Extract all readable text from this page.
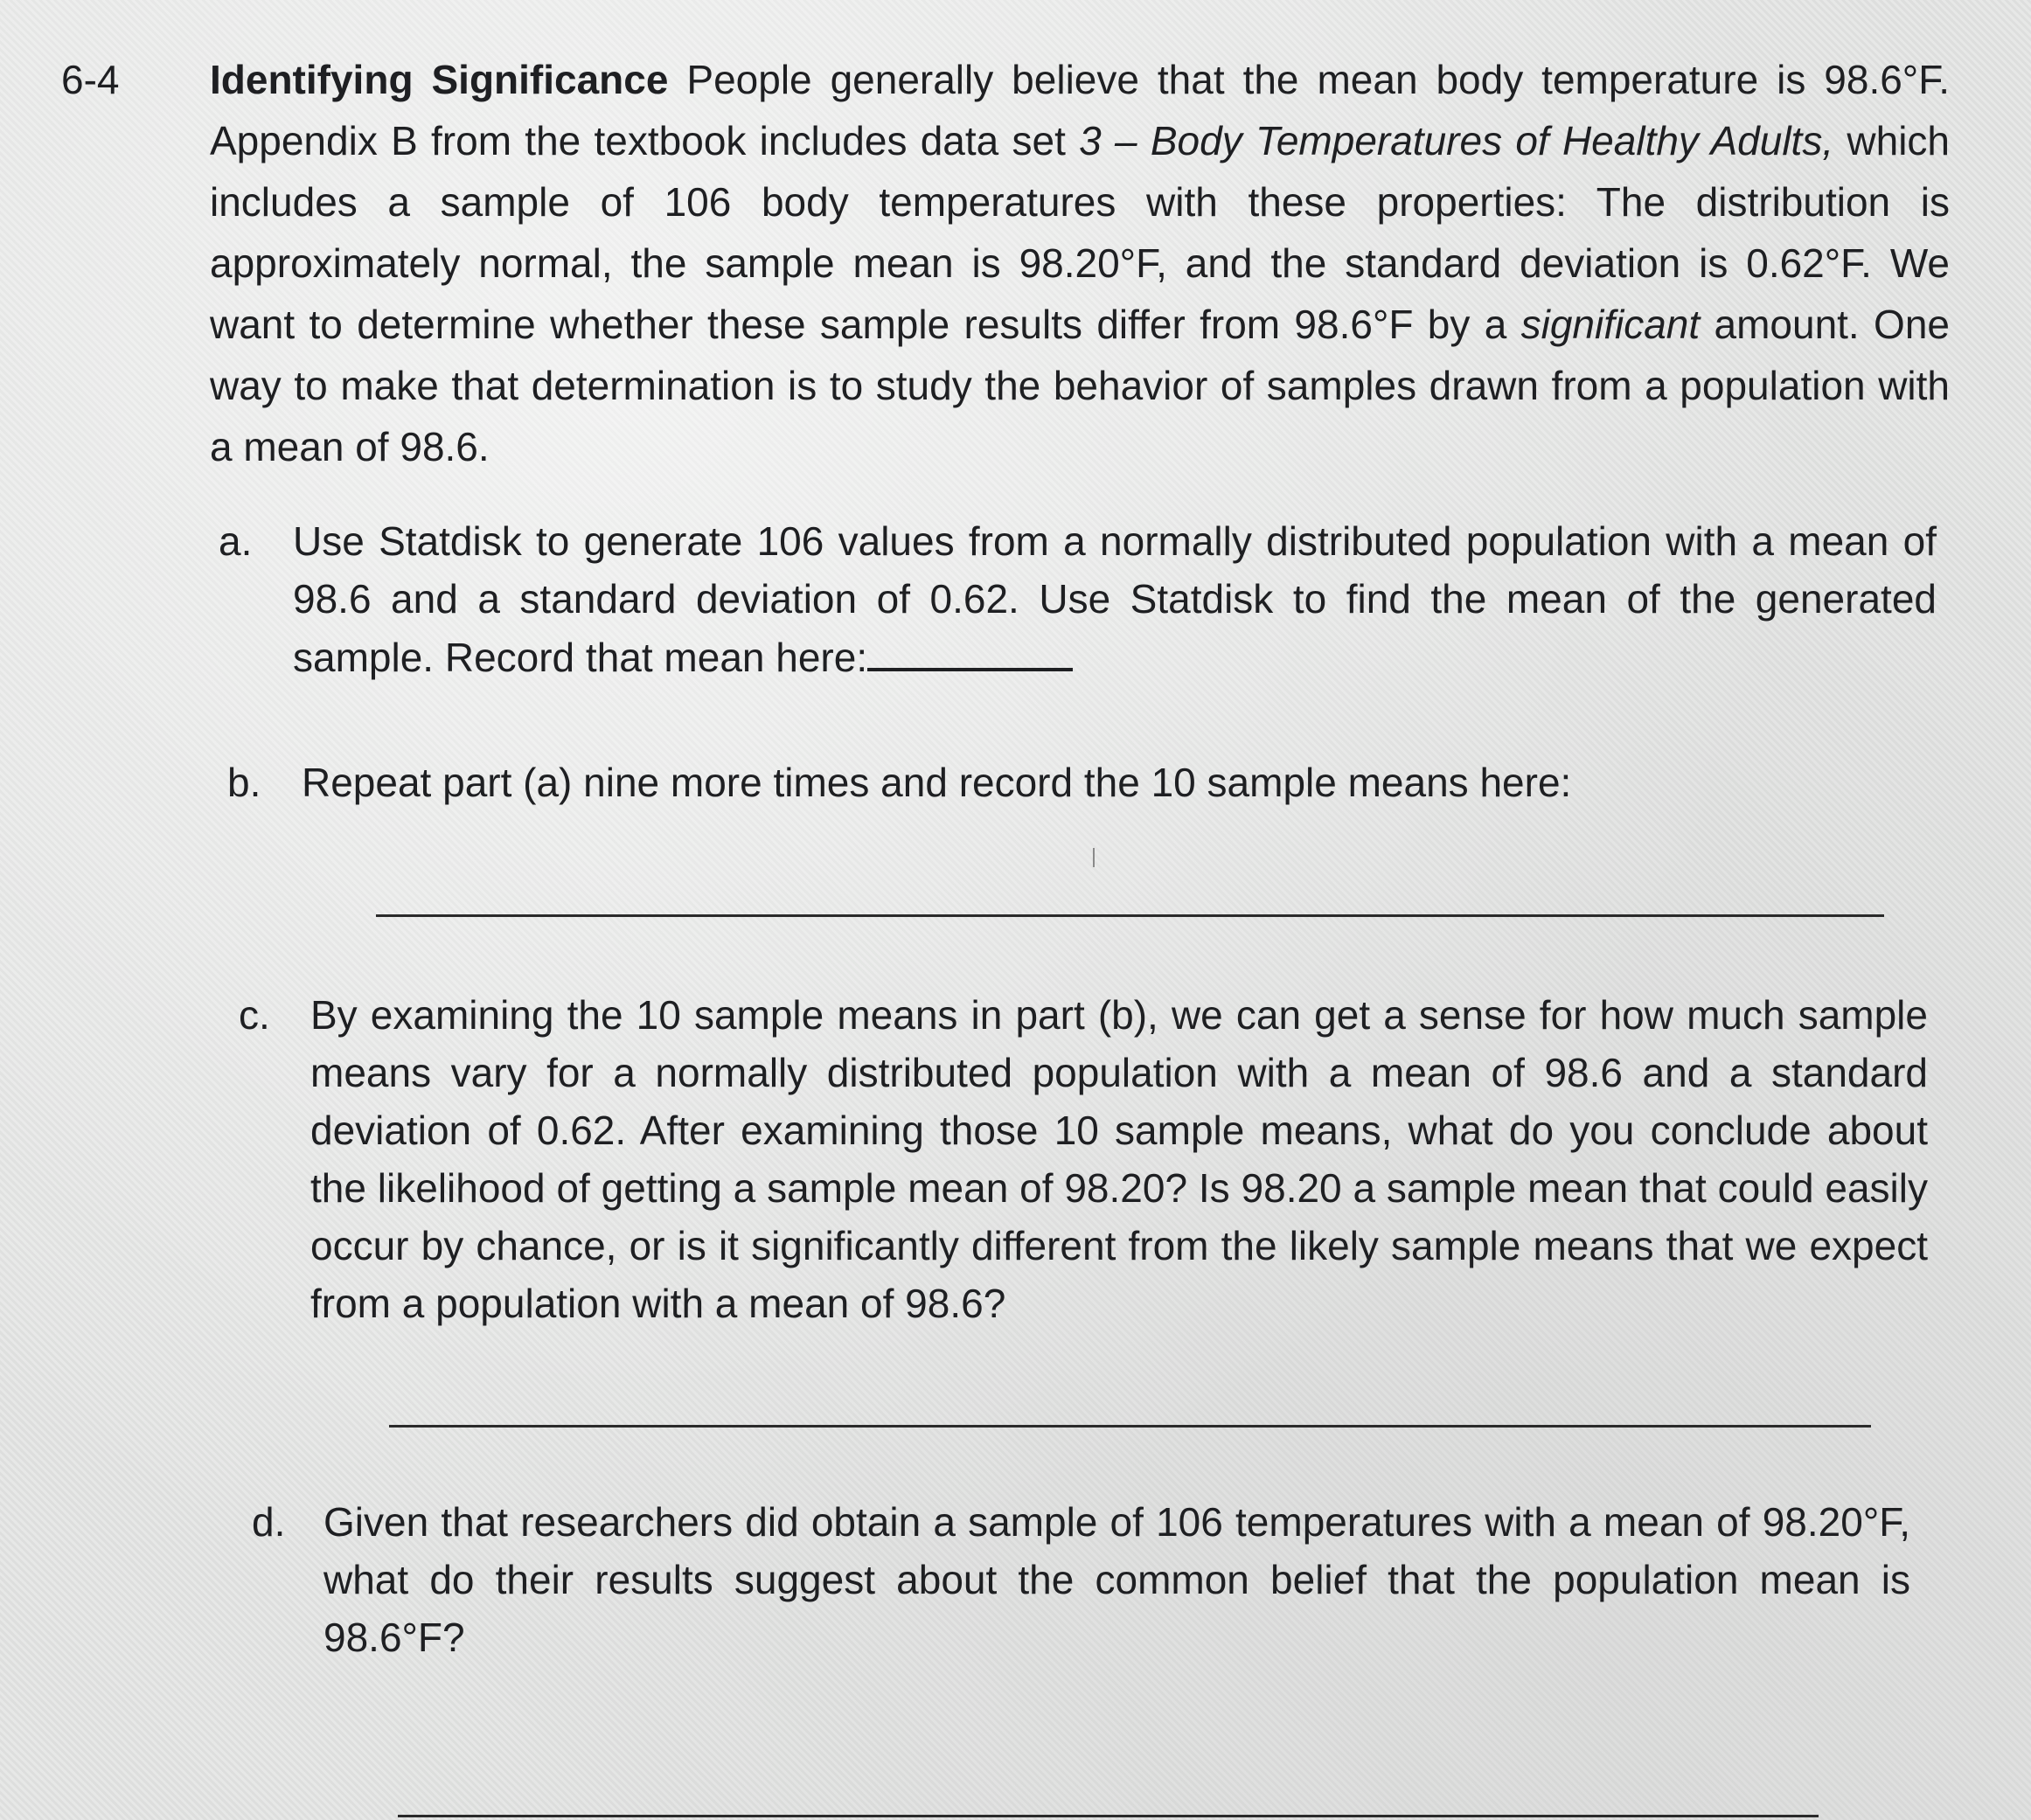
6-4 Identifying Significance People generally believe that the mean body temperature is 98.6°F. Appendix B from the textbook includes data set 3 – Body Temperatures of Healthy Adults, which includes a sample of 106 body temperatures with these properties: The distribution is approximately normal, the sample mean is 98.20°F, and the standard deviation is 0.62°F. We want to determine whether these sample results differ from 98.6°F by a significant amount. One way to make that determination is to study the behavior of samples drawn from a population with a mean of 98.6.
a. Use Statdisk to generate 106 values from a normally distributed population with a mean of 98.6 and a standard deviation of 0.62. Use Statdisk to find the mean of the generated sample. Record that mean here:
b. Repeat part (a) nine more times and record the 10 sample means here:
c. By examining the 10 sample means in part (b), we can get a sense for how much sample means vary for a normally distributed population with a mean of 98.6 and a standard deviation of 0.62. After examining those 10 sample means, what do you conclude about the likelihood of getting a sample mean of 98.20? Is 98.20 a sample mean that could easily occur by chance, or is it significantly different from the likely sample means that we expect from a population with a mean of 98.6?
d. Given that researchers did obtain a sample of 106 temperatures with a mean of 98.20°F, what do their results suggest about the common belief that the population mean is 98.6°F?
